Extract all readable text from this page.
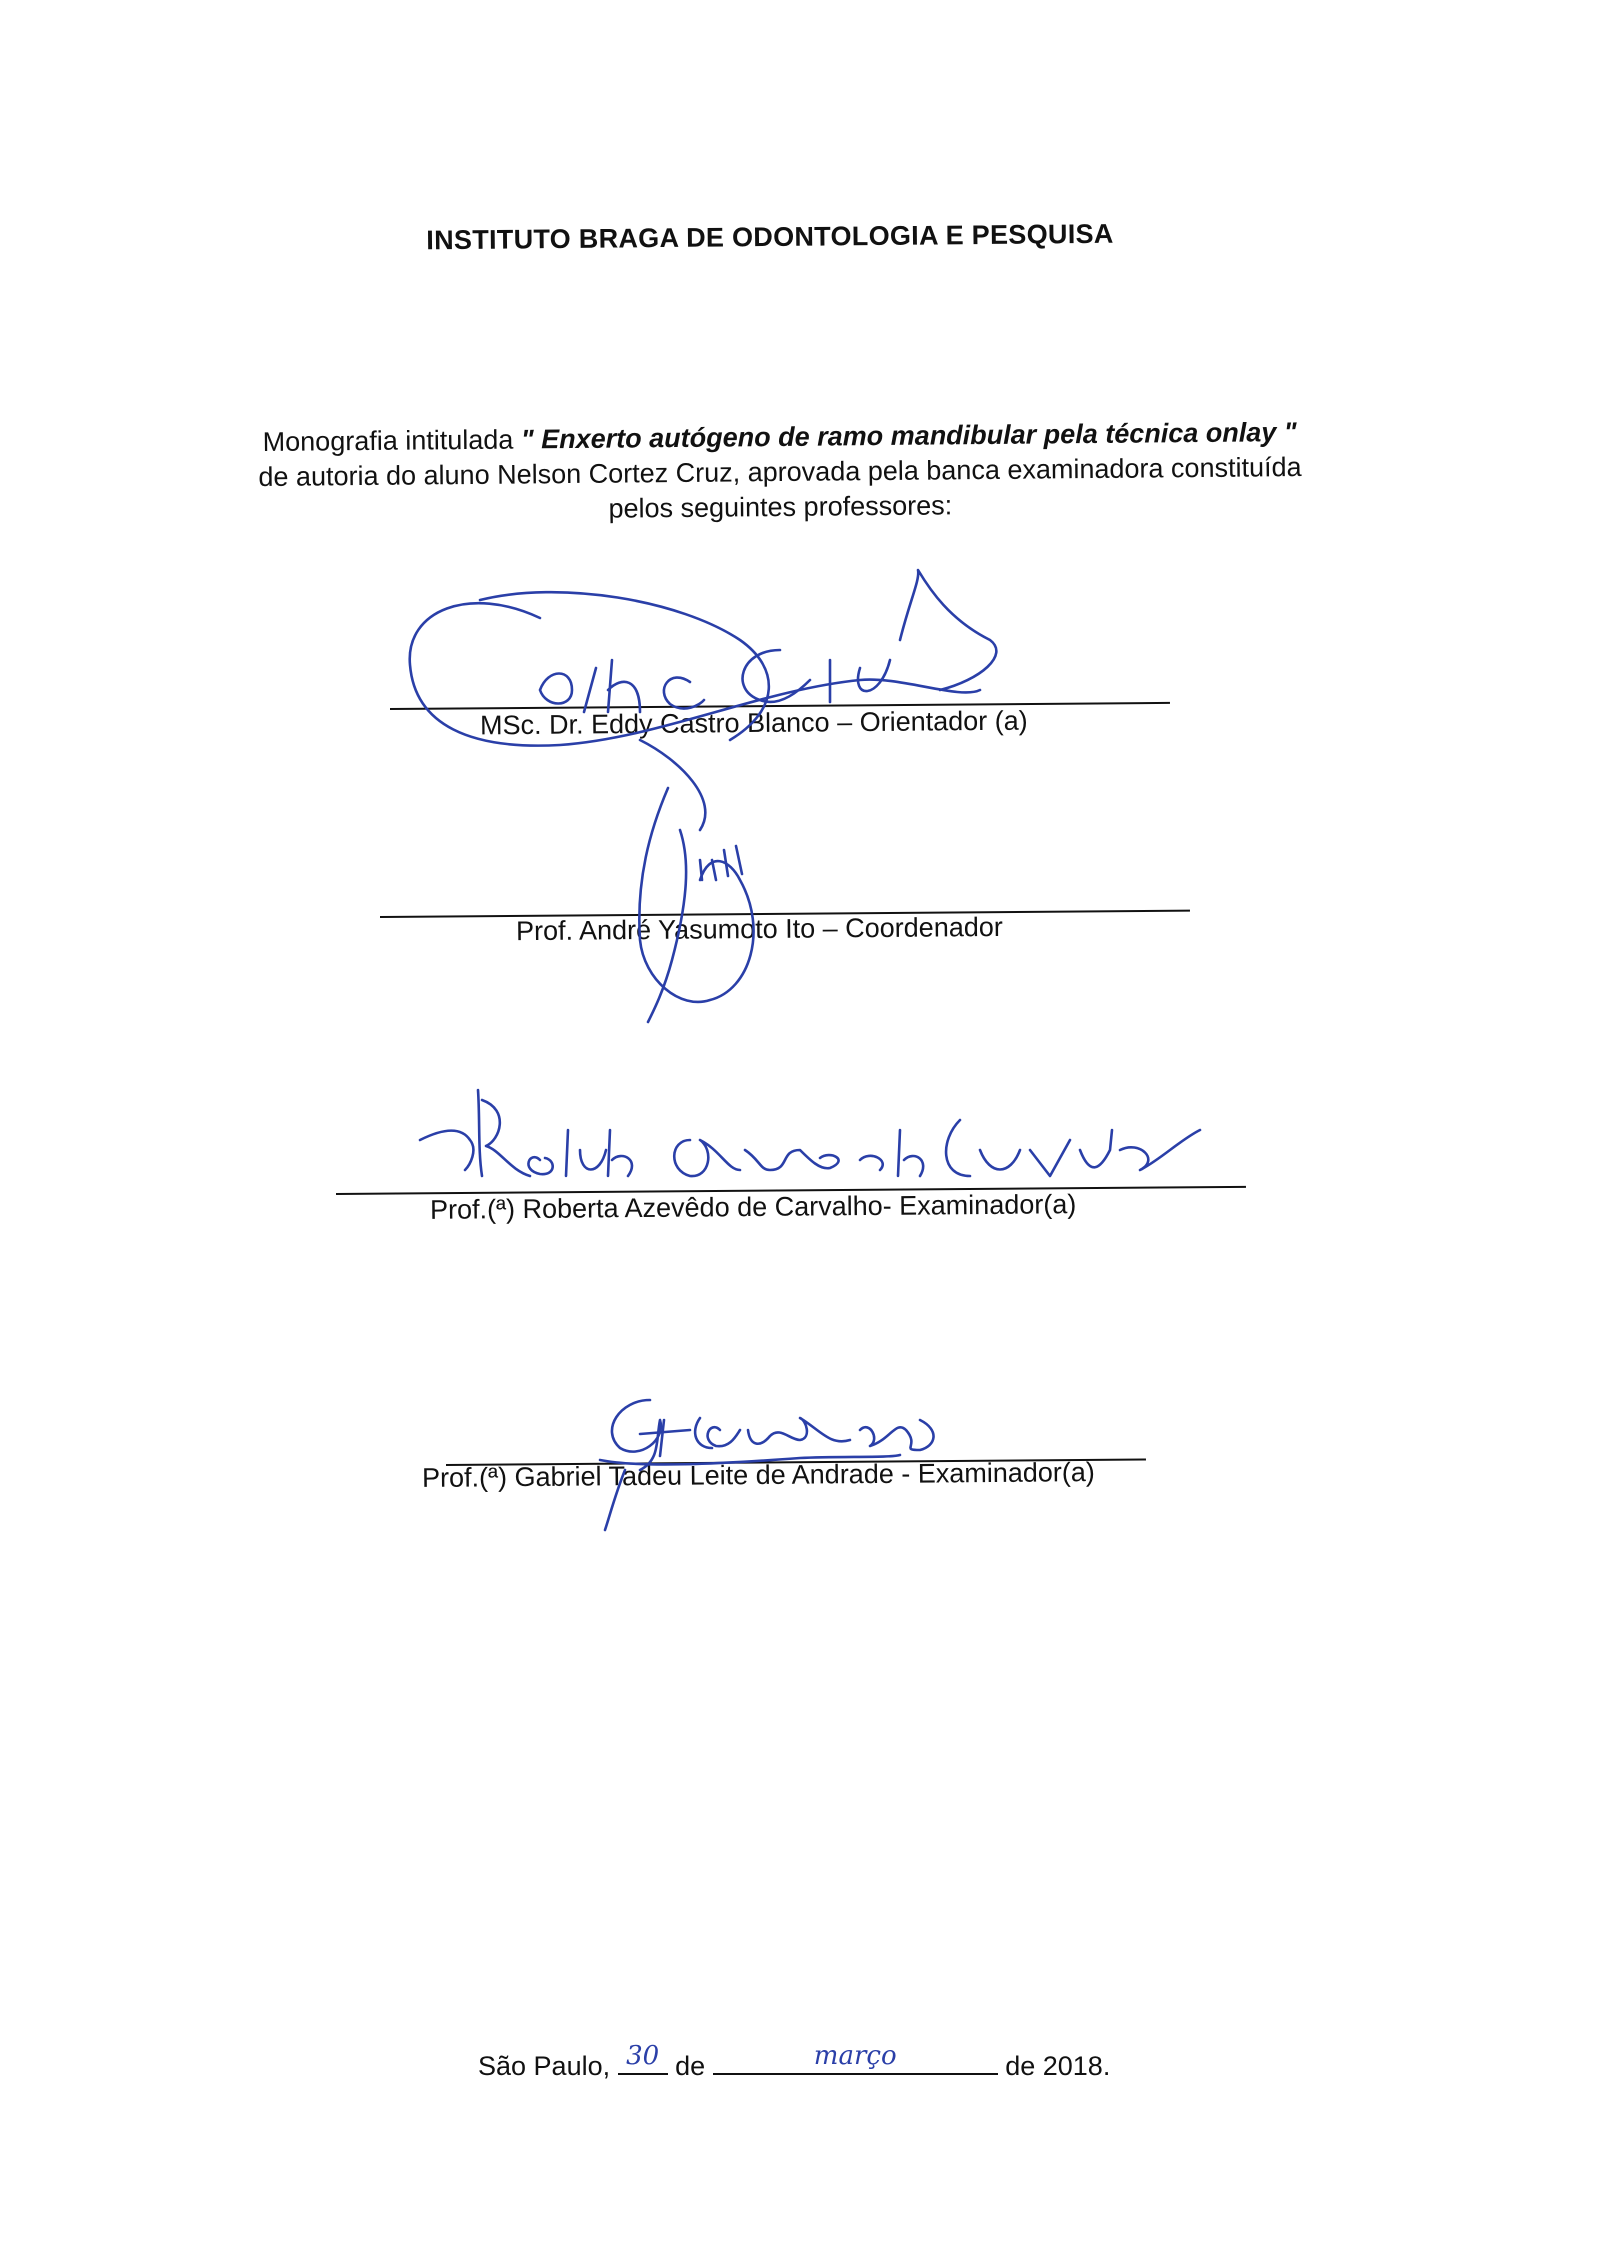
INSTITUTO BRAGA DE ODONTOLOGIA E PESQUISA
Monografia intitulada " Enxerto autógeno de ramo mandibular pela técnica onlay "
de autoria do aluno Nelson Cortez Cruz, aprovada pela banca examinadora constituída
pelos seguintes professores:
MSc. Dr. Eddy Castro Blanco – Orientador (a)
Prof. André Yasumoto Ito – Coordenador
Prof.(ª) Roberta Azevêdo de Carvalho- Examinador(a)
Prof.(ª) Gabriel Tadeu Leite de Andrade - Examinador(a)
São Paulo, 30 de	março	de 2018.
